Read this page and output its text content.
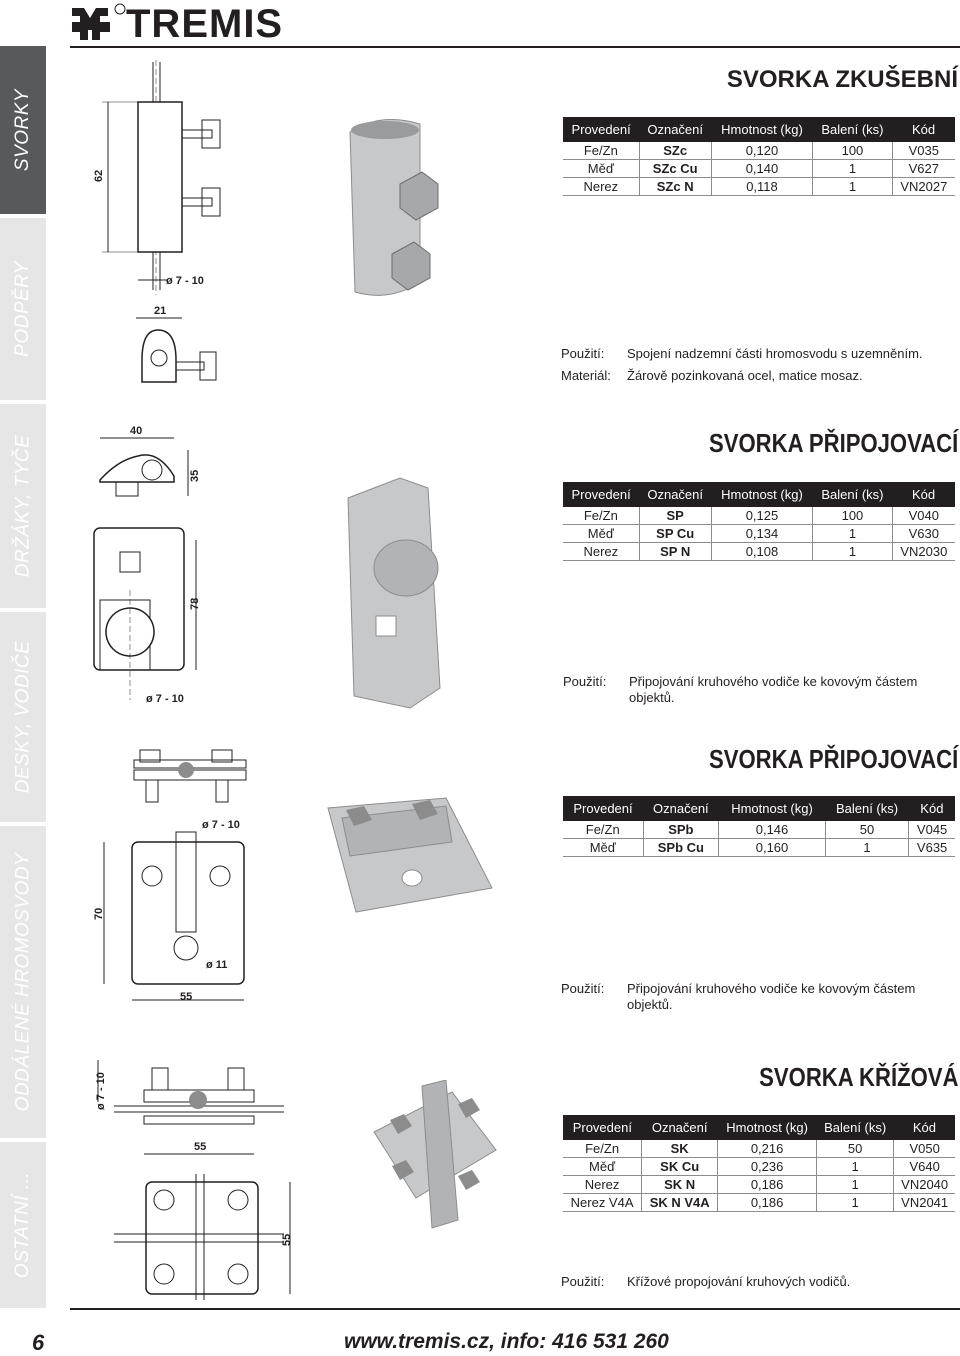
SVORKY
PODPĚRY
DRŽÁKY, TYČE
DESKY, VODIČE
ODDÁLENÉ HROMOSVODY
OSTATNÍ ...
TREMIS
SVORKA ZKUŠEBNÍ
Provedení	Označení	Hmotnost (kg)	Balení (ks)	Kód
Fe/Zn	SZc	0,120	100	V035
Měď	SZc Cu	0,140	1	V627
Nerez	SZc N	0,118	1	VN2027
Použití: Spojení nadzemní části hromosvodu s uzemněním.
Materiál: Žárově pozinkovaná ocel, matice mosaz.
62
ø 7 - 10
21
SVORKA PŘIPOJOVACÍ
Provedení	Označení	Hmotnost (kg)	Balení (ks)	Kód
Fe/Zn	SP	0,125	100	V040
Měď	SP Cu	0,134	1	V630
Nerez	SP N	0,108	1	VN2030
Použití: Připojování kruhového vodiče ke kovovým částem objektů.
40
35
78
ø 7 - 10
SVORKA PŘIPOJOVACÍ
Provedení	Označení	Hmotnost (kg)	Balení (ks)	Kód
Fe/Zn	SPb	0,146	50	V045
Měď	SPb Cu	0,160	1	V635
Použití: Připojování kruhového vodiče ke kovovým částem objektů.
ø 7 - 10
70
ø 11
55
SVORKA KŘÍŽOVÁ
Provedení	Označení	Hmotnost (kg)	Balení (ks)	Kód
Fe/Zn	SK	0,216	50	V050
Měď	SK Cu	0,236	1	V640
Nerez	SK N	0,186	1	VN2040
Nerez V4A	SK N V4A	0,186	1	VN2041
Použití: Křížové propojování kruhových vodičů.
ø 7 - 10
55
55
6	www.tremis.cz, info: 416 531 260
